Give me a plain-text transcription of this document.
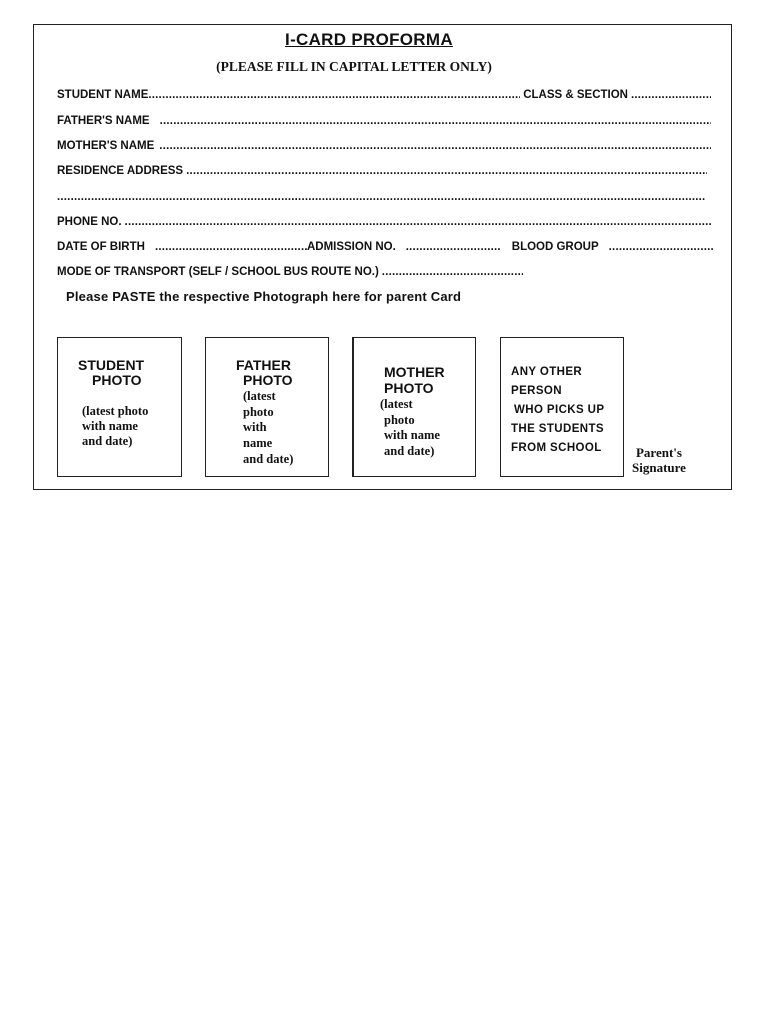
I-CARD PROFORMA
(PLEASE FILL IN CAPITAL LETTER ONLY)
STUDENT NAME .....	CLASS & SECTION
.....
FATHER'S NAME
.....
MOTHER'S NAME
.....
RESIDENCE ADDRESS
.....
.....
PHONE NO.
.....
DATE OF BIRTH .....	ADMISSION NO. .....	BLOOD GROUP
.....
MODE OF TRANSPORT (SELF / SCHOOL BUS ROUTE NO.)
.....
Please PASTE the respective Photograph here for parent Card
STUDENT
PHOTO
(latest photo
with name
and date)
FATHER
PHOTO
(latest
photo
with
name
and date)
MOTHER
PHOTO
(latest
photo
with name
and date)
ANY OTHER
PERSON
WHO PICKS UP
THE STUDENTS
FROM SCHOOL	Parent's
Signature
